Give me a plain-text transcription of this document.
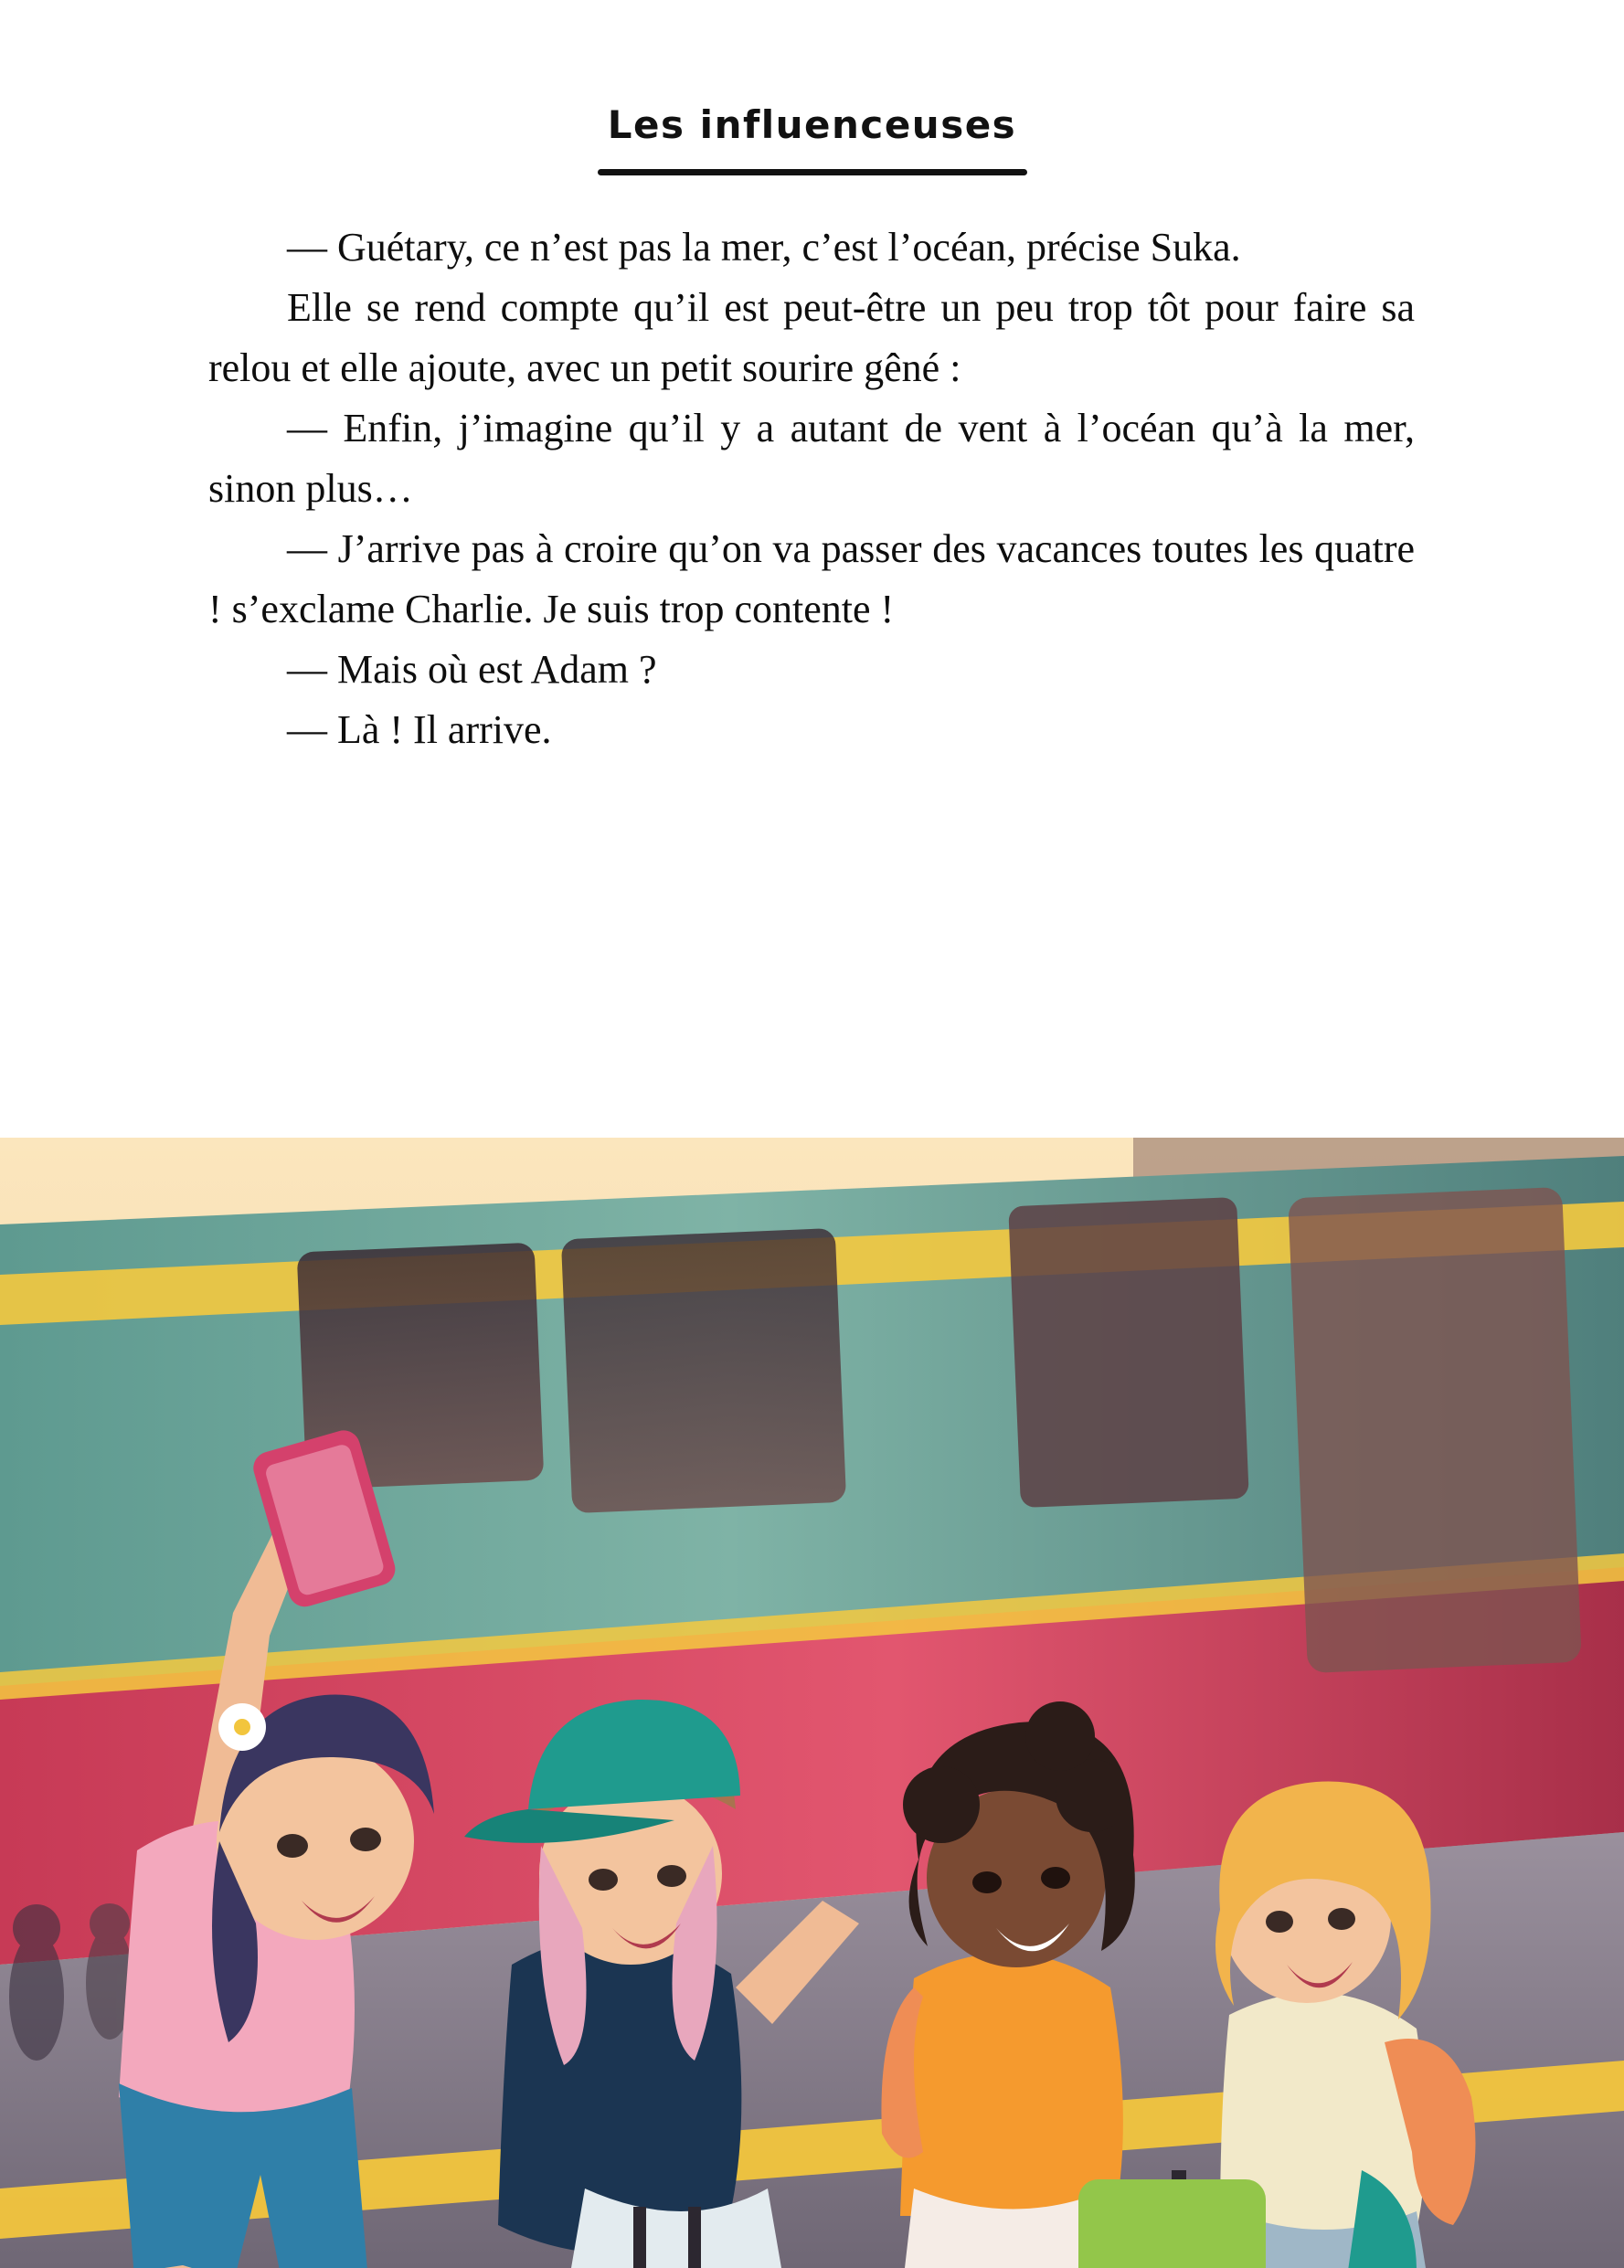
Les influenceuses

— Guétary, ce n’est pas la mer, c’est l’océan, précise Suka.

Elle se rend compte qu’il est peut-être un peu trop tôt pour faire sa relou et elle ajoute, avec un petit sourire gêné :

— Enfin, j’imagine qu’il y a autant de vent à l’océan qu’à la mer, sinon plus…

— J’arrive pas à croire qu’on va passer des vacances toutes les quatre ! s’exclame Charlie. Je suis trop contente !

— Mais où est Adam ?

— Là ! Il arrive.
